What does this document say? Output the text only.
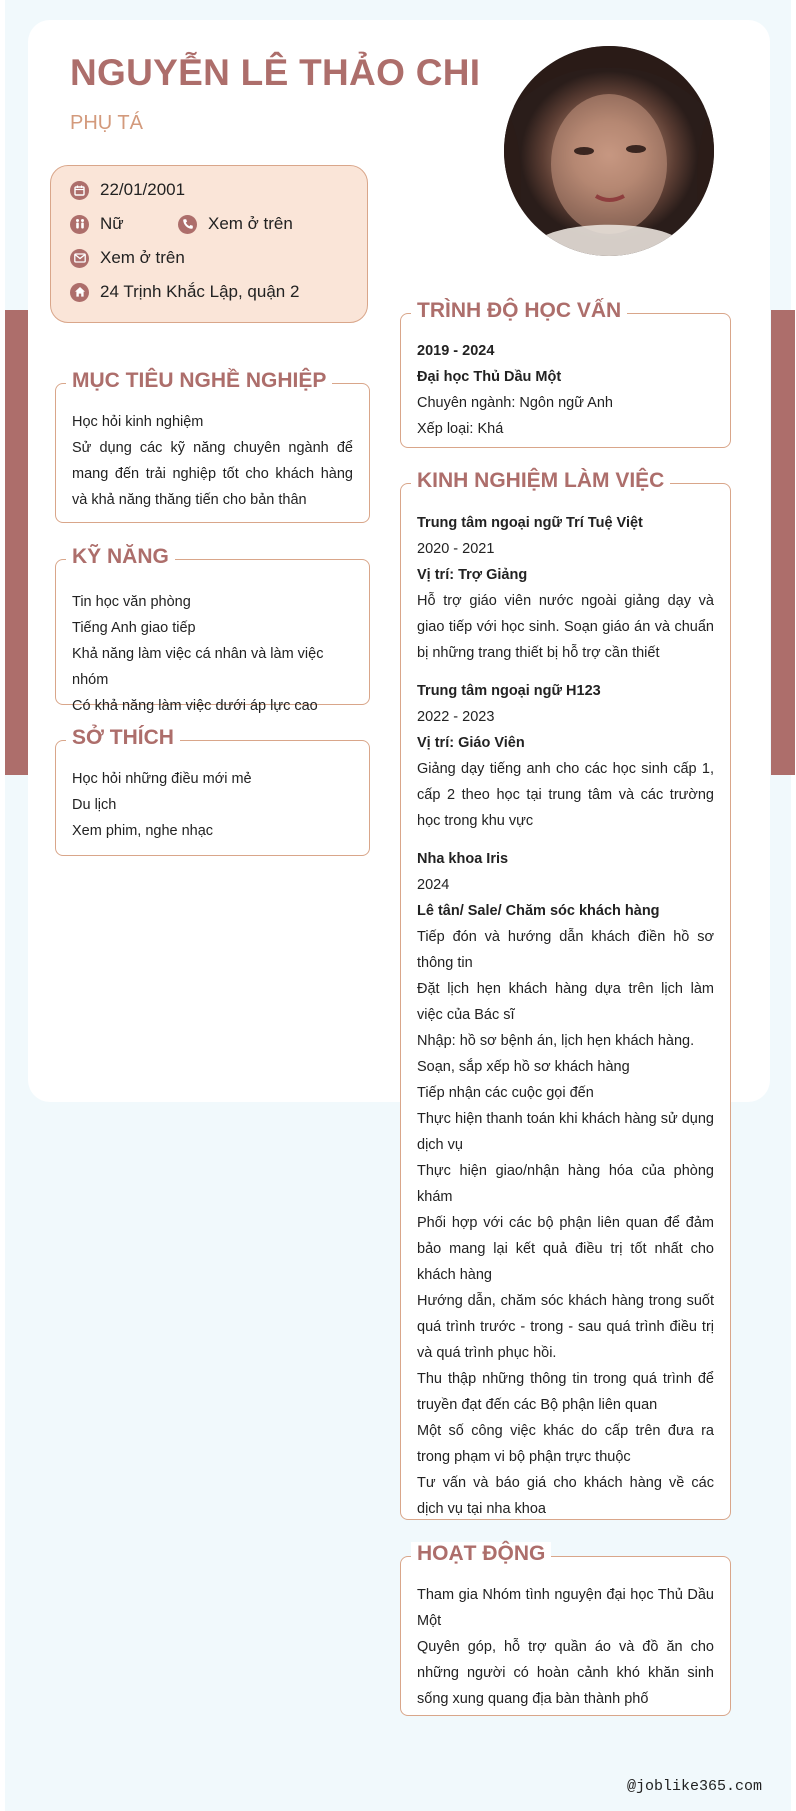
NGUYỄN LÊ THẢO CHI
PHỤ TÁ
22/01/2001
Nữ	Xem ở trên
Xem ở trên
24 Trịnh Khắc Lập, quận 2
MỤC TIÊU NGHỀ NGHIỆP

Học hỏi kinh nghiệm

Sử dụng các kỹ năng chuyên ngành để mang đến trải nghiệp tốt cho khách hàng và khả năng thăng tiến cho bản thân

KỸ NĂNG

Tin học văn phòng

Tiếng Anh giao tiếp

Khả năng làm việc cá nhân và làm việc nhóm

Có khả năng làm việc dưới áp lực cao

SỞ THÍCH

Học hỏi những điều mới mẻ

Du lịch

Xem phim, nghe nhạc

TRÌNH ĐỘ HỌC VẤN

2019 - 2024

Đại học Thủ Dầu Một

Chuyên ngành: Ngôn ngữ Anh

Xếp loại: Khá

KINH NGHIỆM LÀM VIỆC

Trung tâm ngoại ngữ Trí Tuệ Việt

2020 - 2021

Vị trí: Trợ Giảng

Hỗ trợ giáo viên nước ngoài giảng dạy và giao tiếp với học sinh. Soạn giáo án và chuẩn bị những trang thiết bị hỗ trợ cần thiết

Trung tâm ngoại ngữ H123

2022 - 2023

Vị trí: Giáo Viên

Giảng dạy tiếng anh cho các học sinh cấp 1, cấp 2 theo học tại trung tâm và các trường học trong khu vực

Nha khoa Iris

2024

Lê tân/ Sale/ Chăm sóc khách hàng

Tiếp đón và hướng dẫn khách điền hồ sơ thông tin

Đặt lịch hẹn khách hàng dựa trên lịch làm việc của Bác sĩ

Nhập: hồ sơ bệnh án, lịch hẹn khách hàng.

Soạn, sắp xếp hồ sơ khách hàng

Tiếp nhận các cuộc gọi đến

Thực hiện thanh toán khi khách hàng sử dụng dịch vụ

Thực hiện giao/nhận hàng hóa của phòng khám

Phối hợp với các bộ phận liên quan để đảm bảo mang lại kết quả điều trị tốt nhất cho khách hàng

Hướng dẫn, chăm sóc khách hàng trong suốt quá trình trước - trong - sau quá trình điều trị và quá trình phục hồi.

Thu thập những thông tin trong quá trình để truyền đạt đến các Bộ phận liên quan

Một số công việc khác do cấp trên đưa ra trong phạm vi bộ phận trực thuộc

Tư vấn và báo giá cho khách hàng về các dịch vụ tại nha khoa

HOẠT ĐỘNG

Tham gia Nhóm tình nguyện đại học Thủ Dầu Một

Quyên góp, hỗ trợ quần áo và đồ ăn cho những người có hoàn cảnh khó khăn sinh sống xung quang địa bàn thành phố

@joblike365.com
